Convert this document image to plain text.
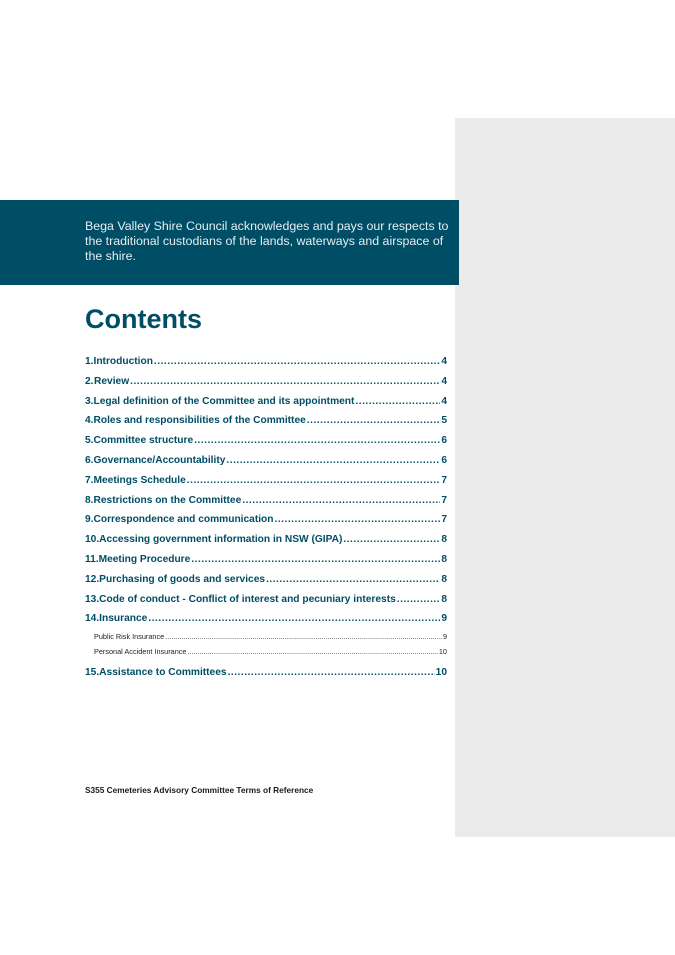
Bega Valley Shire Council acknowledges and pays our respects to the traditional custodians of the lands, waterways and airspace of the shire.
Contents
1. Introduction .....	4
2. Review .....	4
3. Legal definition of the Committee and its appointment .....	4
4. Roles and responsibilities of the Committee .....	5
5. Committee structure .....	6
6. Governance/Accountability .....	6
7. Meetings Schedule .....	7
8. Restrictions on the Committee .....	7
9. Correspondence and communication .....	7
10. Accessing government information in NSW (GIPA) .....	8
11. Meeting Procedure .....	8
12. Purchasing of goods and services .....	8
13. Code of conduct - Conflict of interest and pecuniary interests .....	8
14. Insurance .....	9
Public Risk Insurance .....	9
Personal Accident Insurance .....	10
15. Assistance to Committees .....	10
S355 Cemeteries Advisory Committee Terms of Reference
